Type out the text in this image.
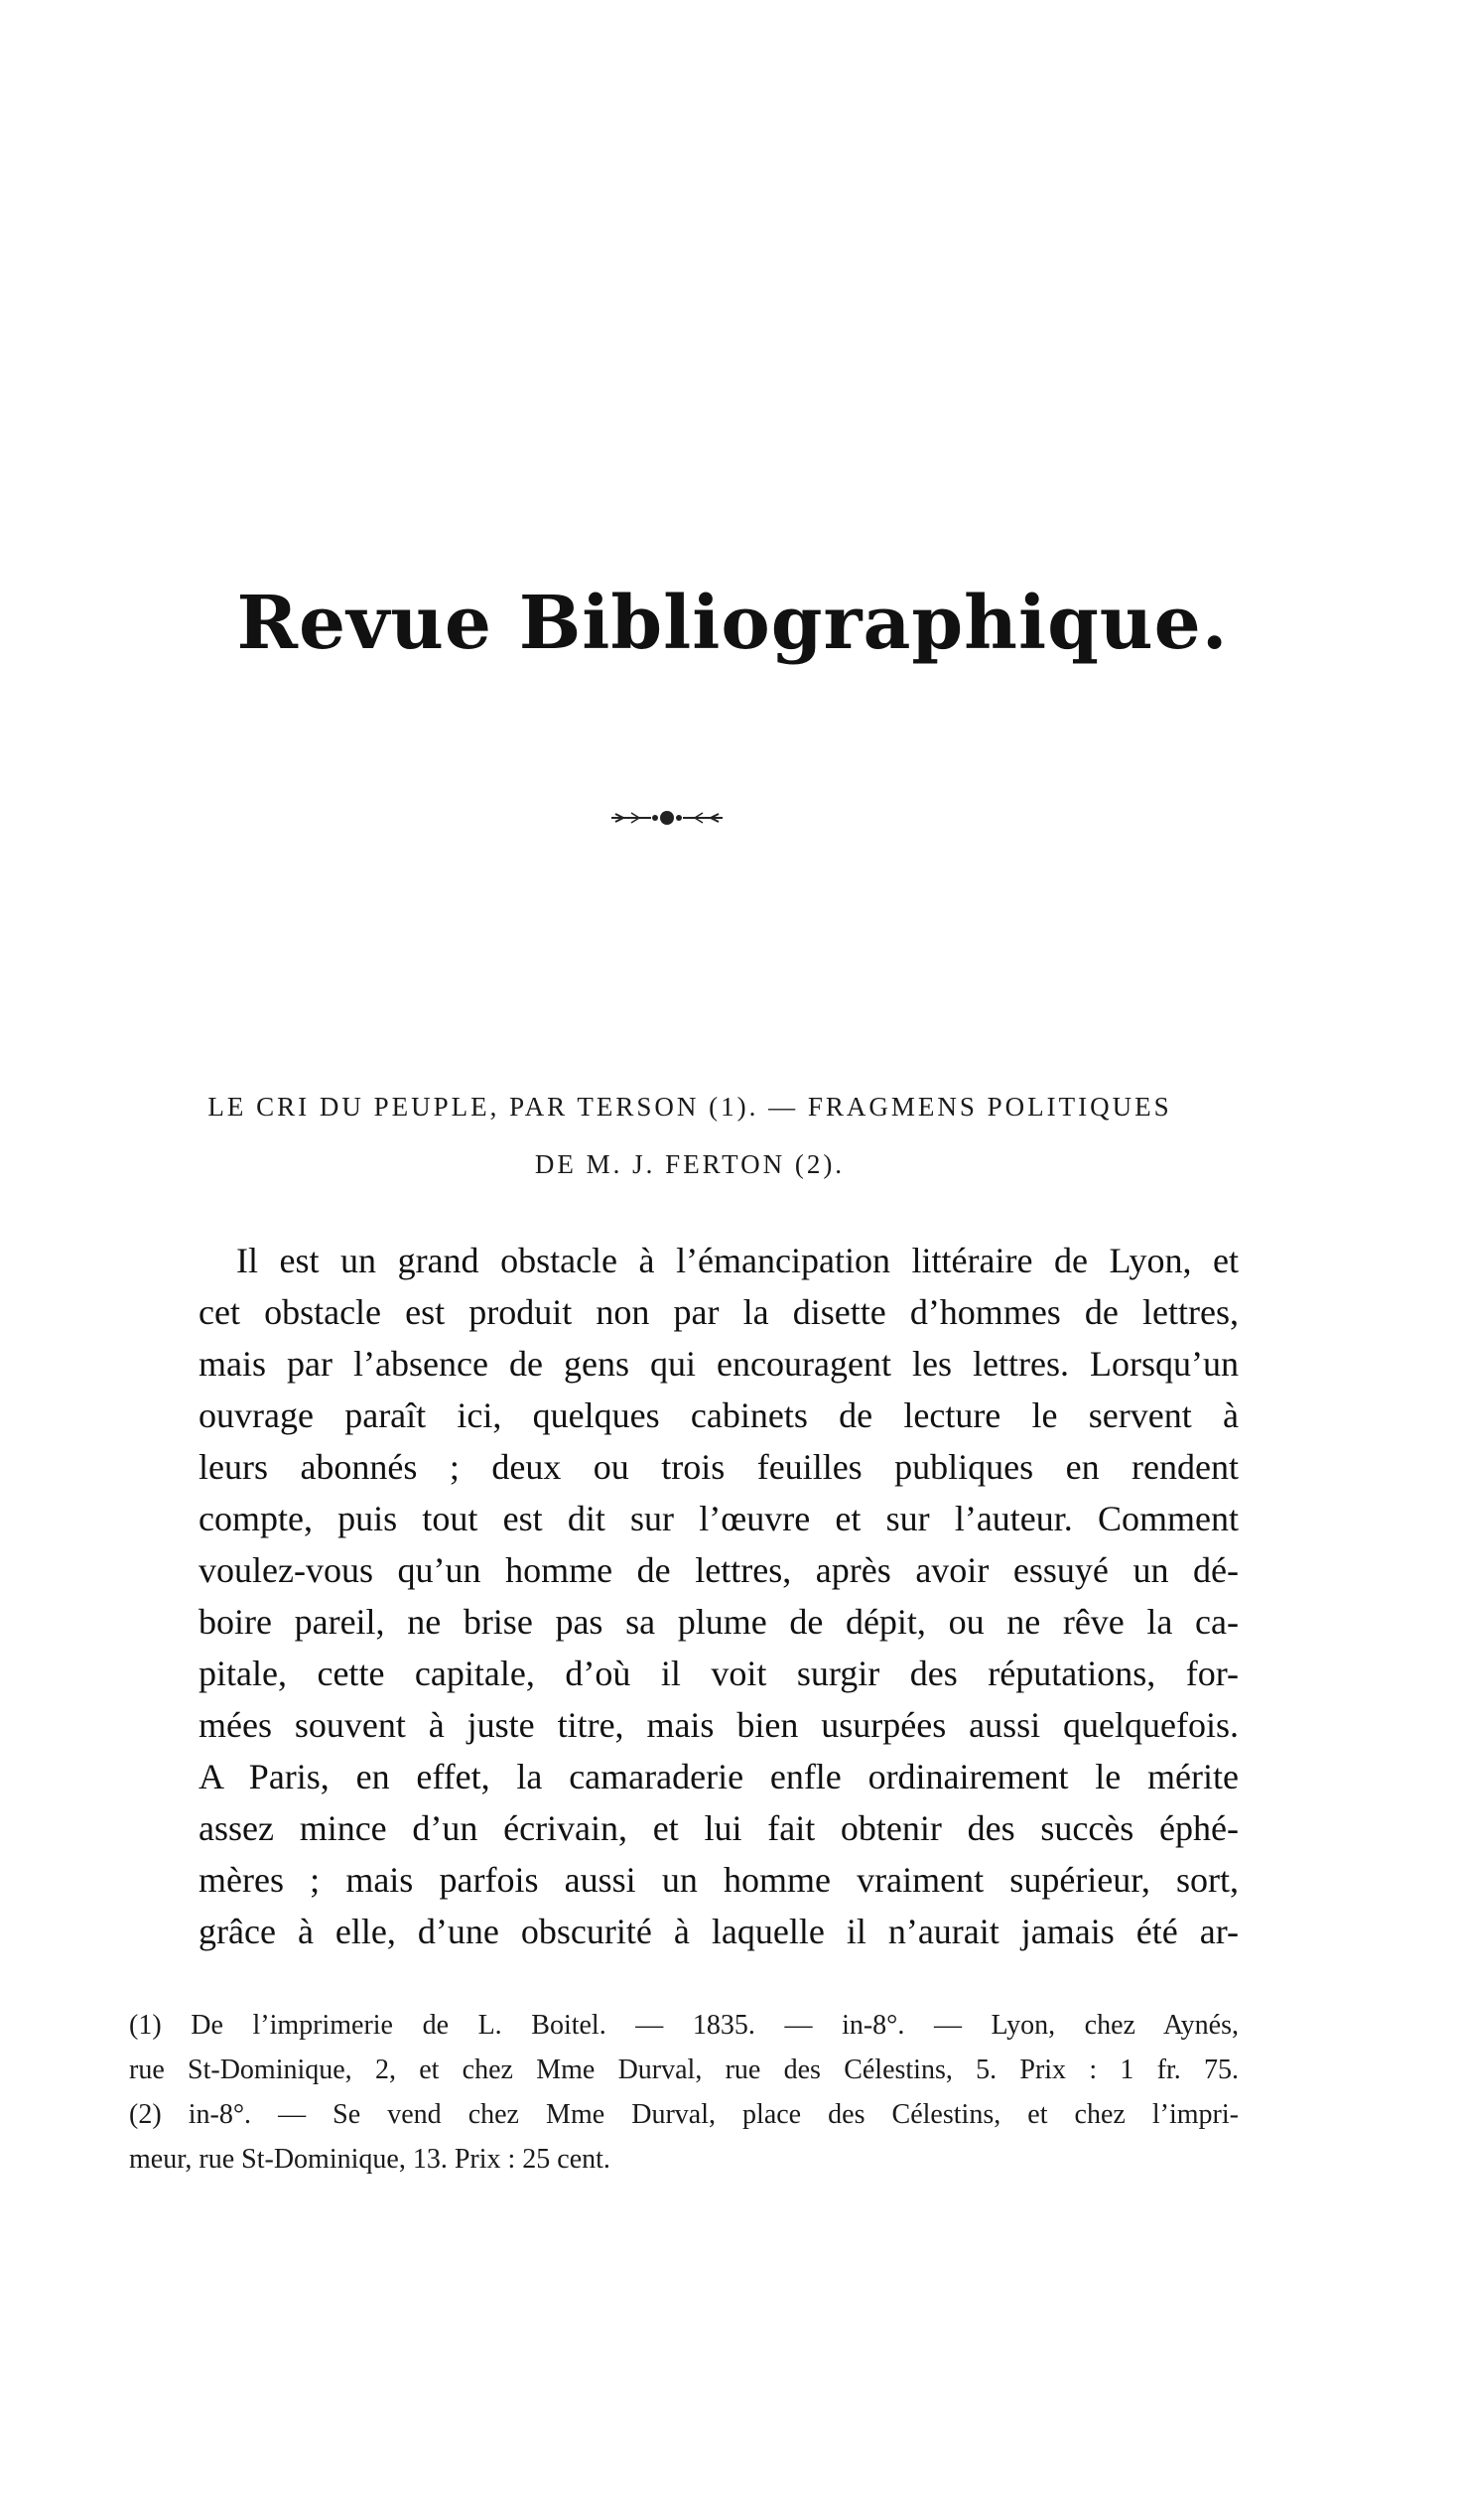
Revue Bibliographique.
LE CRI DU PEUPLE, PAR TERSON (1). — FRAGMENS POLITIQUES
DE M. J. FERTON (2).
Il est un grand obstacle à l’émancipation littéraire de Lyon, et
cet obstacle est produit non par la disette d’hommes de lettres,
mais par l’absence de gens qui encouragent les lettres. Lorsqu’un
ouvrage paraît ici, quelques cabinets de lecture le servent à
leurs abonnés ; deux ou trois feuilles publiques en rendent
compte, puis tout est dit sur l’œuvre et sur l’auteur. Comment
voulez-vous qu’un homme de lettres, après avoir essuyé un dé-
boire pareil, ne brise pas sa plume de dépit, ou ne rêve la ca-
pitale, cette capitale, d’où il voit surgir des réputations, for-
mées souvent à juste titre, mais bien usurpées aussi quelquefois.
A Paris, en effet, la camaraderie enfle ordinairement le mérite
assez mince d’un écrivain, et lui fait obtenir des succès éphé-
mères ; mais parfois aussi un homme vraiment supérieur, sort,
grâce à elle, d’une obscurité à laquelle il n’aurait jamais été ar-
(1) De l’imprimerie de L. Boitel. — 1835. — in-8°. — Lyon, chez Aynés,
rue St-Dominique, 2, et chez Mme Durval, rue des Célestins, 5. Prix : 1 fr. 75.
(2) in-8°. — Se vend chez Mme Durval, place des Célestins, et chez l’impri-
meur, rue St-Dominique, 13. Prix : 25 cent.
